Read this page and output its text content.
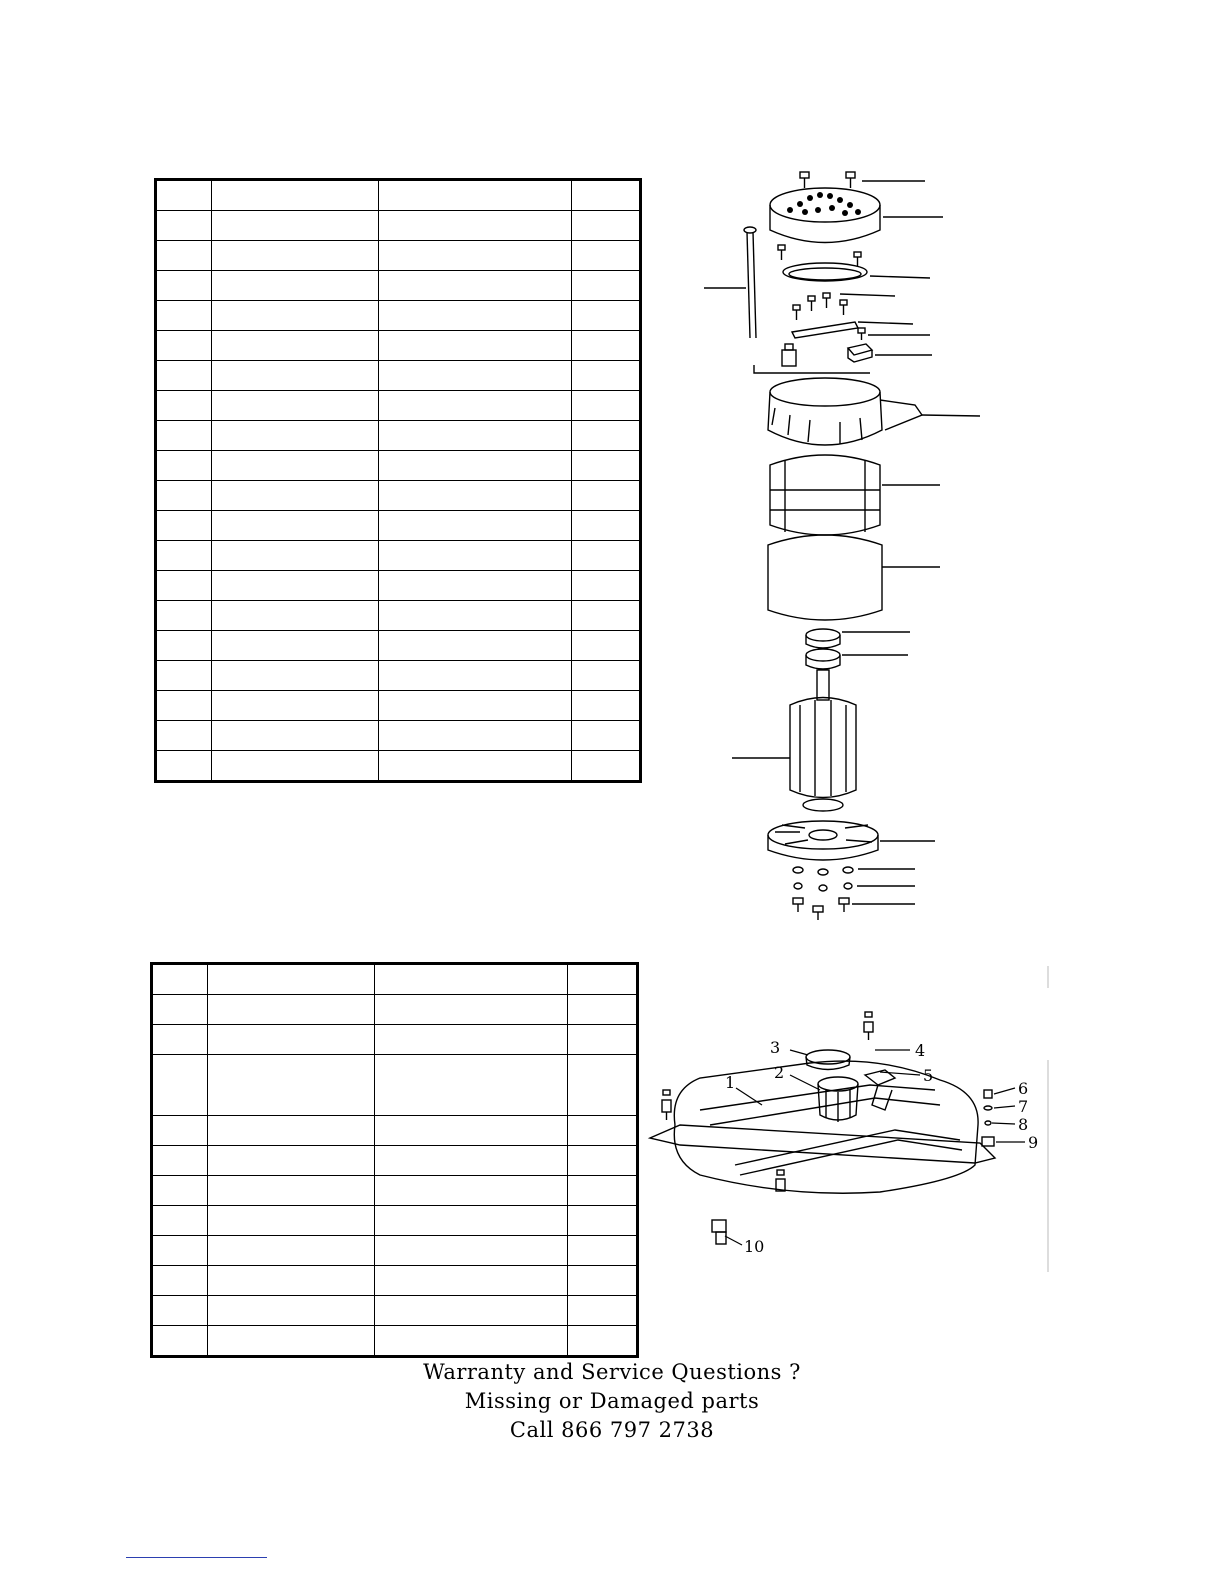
1
2
3	4
5
6
7
8
9
10
Warranty and Service Questions ?
Missing or Damaged parts
Call 866 797 2738
